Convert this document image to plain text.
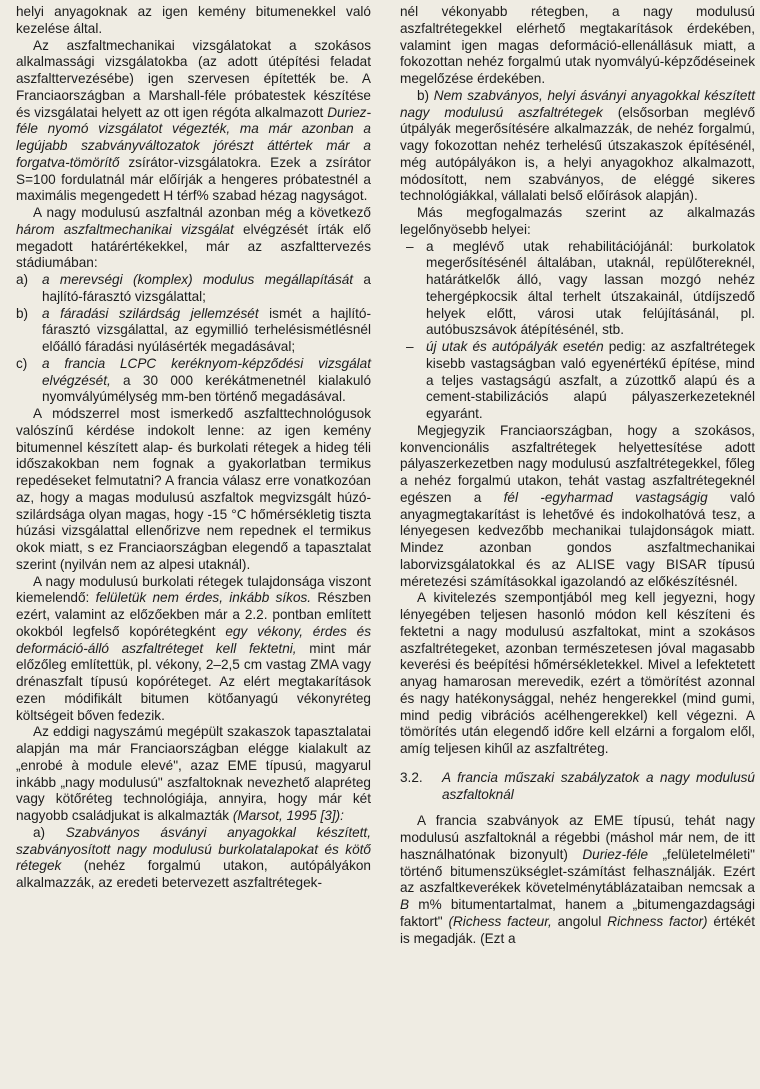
helyi anyagoknak az igen kemény bitumenekkel való kezelése által.

Az aszfaltmechanikai vizsgálatokat a szokásos alkalmassági vizsgálatokba (az adott útépítési feladat aszfalttervezésébe) igen szervesen építették be. A Franciaországban a Marshall-féle próbatestek készítése és vizsgálatai helyett az ott igen régóta alkalmazott Duriez-féle nyomó vizsgálatot végezték, ma már azonban a legújabb szabványváltozatok jórészt áttértek már a forgatva-tömörítő zsírátor-vizsgálatokra. Ezek a zsírátor S=100 fordulatnál már előírják a hengeres próbatestnél a maximális megengedett H térf% szabad hézag nagyságot.

A nagy modulusú aszfaltnál azonban még a következő három aszfaltmechanikai vizsgálat elvégzését írták elő megadott határértékekkel, már az aszfalttervezés stádiumában:

a) a merevségi (komplex) modulus megállapítását a hajlító-fárasztó vizsgálattal;

b) a fáradási szilárdság jellemzését ismét a hajlító-fárasztó vizsgálattal, az egymillió terhelésismétlésnél előálló fáradási nyúlásérték megadásával;

c) a francia LCPC keréknyom-képződési vizsgálat elvégzését, a 30 000 kerékátmenetnél kialakuló nyomvályúmélység mm-ben történő megadásával.

A módszerrel most ismerkedő aszfalttechnológusok valószínű kérdése indokolt lenne: az igen kemény bitumennel készített alap- és burkolati rétegek a hideg téli időszakokban nem fognak a gyakorlatban termikus repedéseket felmutatni? A francia válasz erre vonatkozóan az, hogy a magas modulusú aszfaltok megvizsgált húzó-szilárdsága olyan magas, hogy -15 °C hőmérsékletig tiszta húzási vizsgálattal ellenőrizve nem repednek el termikus okok miatt, s ez Franciaországban elegendő a tapasztalat szerint (nyilván nem az alpesi utaknál).

A nagy modulusú burkolati rétegek tulajdonsága viszont kiemelendő: felületük nem érdes, inkább síkos. Részben ezért, valamint az előzőekben már a 2.2. pontban említett okokból legfelső kopórétegként egy vékony, érdes és deformáció-álló aszfaltréteget kell fektetni, mint már előzőleg említettük, pl. vékony, 2–2,5 cm vastag ZMA vagy drénaszfalt típusú kopóréteget. Az elért megtakarítások ezen módifikált bitumen kötőanyagú vékonyréteg költségeit bőven fedezik.

Az eddigi nagyszámú megépült szakaszok tapasztalatai alapján ma már Franciaországban elégge kialakult az „enrobé à module elevé", azaz EME típusú, magyarul inkább „nagy modulusú" aszfaltoknak nevezhető alapréteg vagy kötőréteg technológiája, annyira, hogy már két nagyobb családjukat is alkalmazták (Marsot, 1995 [3]):

a) Szabványos ásványi anyagokkal készített, szabványosított nagy modulusú burkolatalapokat és kötő rétegek (nehéz forgalmú utakon, autópályákon alkalmazzák, az eredeti betervezett aszfaltrétegek-

nél vékonyabb rétegben, a nagy modulusú aszfaltrétegekkel elérhető megtakarítások érdekében, valamint igen magas deformáció-ellenállásuk miatt, a fokozottan nehéz forgalmú utak nyomvályú-képződéseinek megelőzése érdekében.

b) Nem szabványos, helyi ásványi anyagokkal készített nagy modulusú aszfaltrétegek (elsősorban meglévő útpályák megerősítésére alkalmazzák, de nehéz forgalmú, vagy fokozottan nehéz terhelésű útszakaszok építésénél, még autópályákon is, a helyi anyagokhoz alkalmazott, módosított, nem szabványos, de eléggé sikeres technológiákkal, vállalati belső előírások alapján).

Más megfogalmazás szerint az alkalmazás legelőnyösebb helyei:

– a meglévő utak rehabilitációjánál: burkolatok megerősítésénél általában, utaknál, repülőtereknél, határátkelők álló, vagy lassan mozgó nehéz tehergépkocsik által terhelt útszakainál, útdíjszedő helyek előtt, városi utak felújításánál, pl. autóbuszsávok átépítésénél, stb.

– új utak és autópályák esetén pedig: az aszfaltrétegek kisebb vastagságban való egyenértékű építése, mind a teljes vastagságú aszfalt, a zúzottkő alapú és a cement-stabilizációs alapú pályaszerkezeteknél egyaránt.

Megjegyzik Franciaországban, hogy a szokásos, konvencionális aszfaltrétegek helyettesítése adott pályaszerkezetben nagy modulusú aszfaltrétegekkel, főleg a nehéz forgalmú utakon, tehát vastag aszfaltrétegeknél egészen a fél -egyharmad vastagságig való anyagmegtakarítást is lehetővé és indokolhatóvá tesz, a lényegesen kedvezőbb mechanikai tulajdonságok miatt. Mindez azonban gondos aszfaltmechanikai laborvizsgálatokkal és az ALISE vagy BISAR típusú méretezési számításokkal igazolandó az előkészítésnél.

A kivitelezés szempontjából meg kell jegyezni, hogy lényegében teljesen hasonló módon kell készíteni és fektetni a nagy modulusú aszfaltokat, mint a szokásos aszfaltrétegeket, azonban természetesen jóval magasabb keverési és beépítési hőmérsékletekkel. Mivel a lefektetett anyag hamarosan merevedik, ezért a tömörítést azonnal és nagy hatékonysággal, nehéz hengerekkel (mind gumi, mind pedig vibrációs acélhengerekkel) kell végezni. A tömörítés után elegendő időre kell elzárni a forgalom elől, amíg teljesen kihűl az aszfaltréteg.

3.2. A francia műszaki szabályzatok a nagy modulusú aszfaltoknál

A francia szabványok az EME típusú, tehát nagy modulusú aszfaltoknál a régebbi (máshol már nem, de itt használhatónak bizonyult) Duriez-féle „felületelméleti" történő bitumenszükséglet-számítást felhasználják. Ezért az aszfaltkeverékek követelménytáblázataiban nemcsak a B m% bitumentartalmat, hanem a „bitumengazdagsági faktort" (Richess facteur, angolul Richness factor) értékét is megadják. (Ezt a
